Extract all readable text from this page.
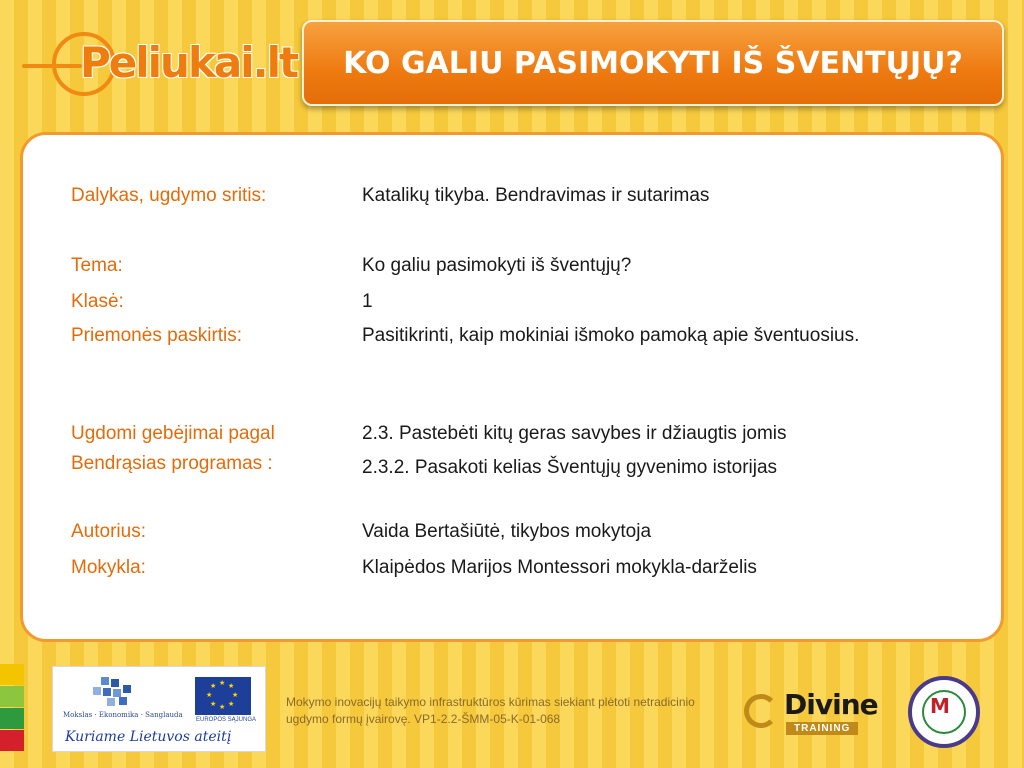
Peliukai.lt KO GALIU PASIMOKYTI IŠ ŠVENTŲJŲ?
Dalykas, ugdymo sritis:	Katalikų tikyba. Bendravimas ir sutarimas
Tema:	Ko galiu pasimokyti iš šventųjų?
Klasė:	1
Priemonės paskirtis:	Pasitikrinti, kaip mokiniai išmoko pamoką apie šventuosius.
Ugdomi gebėjimai pagal Bendrąsias programas :
2.3. Pastebėti kitų geras savybes ir džiaugtis jomis
2.3.2. Pasakoti kelias Šventųjų gyvenimo istorijas
Autorius:	Vaida Bertašiūtė, tikybos mokytoja
Mokykla:	Klaipėdos Marijos Montessori mokykla-darželis
Mokslas · Ekonomika · Sanglauda
★ ★
★
★
★
★
★
★
EUROPOS SĄJUNGA
Kuriame Lietuvos ateitį
Mokymo inovacijų taikymo infrastruktūros kūrimas siekiant plėtoti netradicinio ugdymo formų įvairovę. VP1-2.2-ŠMM-05-K-01-068	Divine
TRAINING
M
